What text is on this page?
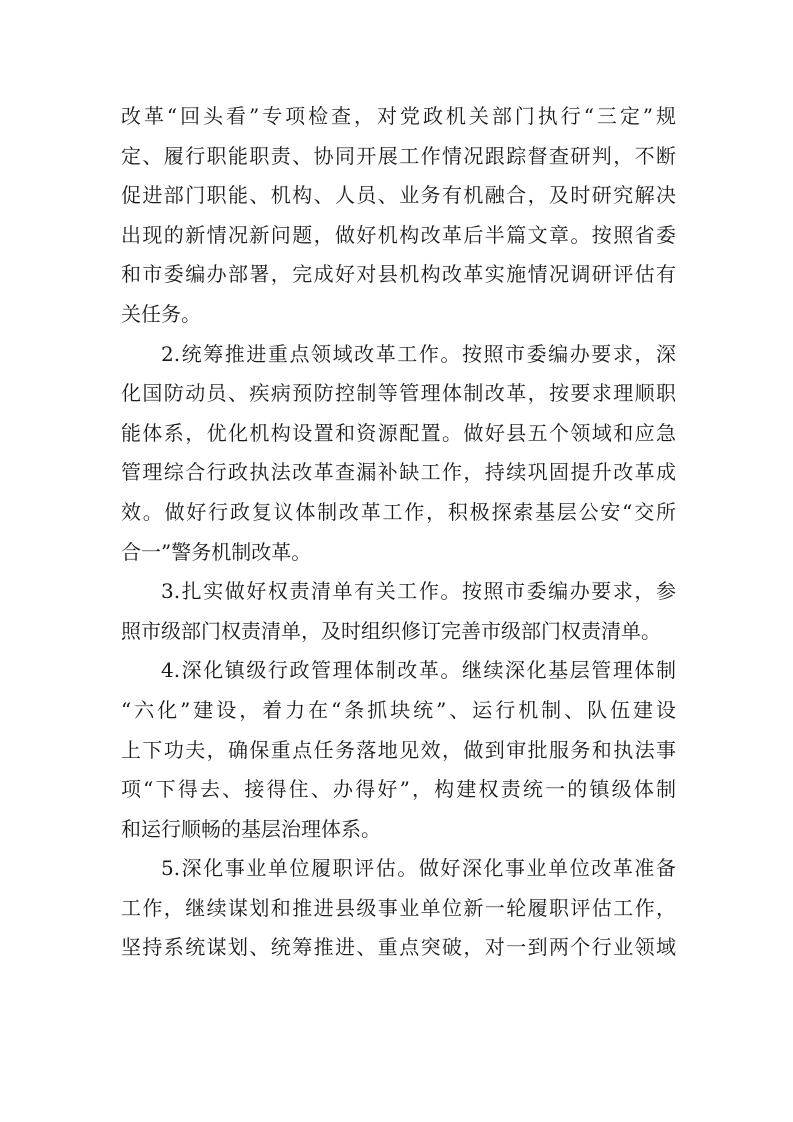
改革“回头看”专项检查，对党政机关部门执行“三定”规
定、履行职能职责、协同开展工作情况跟踪督查研判，不断
促进部门职能、机构、人员、业务有机融合，及时研究解决
出现的新情况新问题，做好机构改革后半篇文章。按照省委
和市委编办部署，完成好对县机构改革实施情况调研评估有
关任务。
2.统筹推进重点领域改革工作。按照市委编办要求，深
化国防动员、疾病预防控制等管理体制改革，按要求理顺职
能体系，优化机构设置和资源配置。做好县五个领域和应急
管理综合行政执法改革查漏补缺工作，持续巩固提升改革成
效。做好行政复议体制改革工作，积极探索基层公安“交所
合一”警务机制改革。
3.扎实做好权责清单有关工作。按照市委编办要求，参
照市级部门权责清单，及时组织修订完善市级部门权责清单。
4.深化镇级行政管理体制改革。继续深化基层管理体制
“六化”建设，着力在“条抓块统”、运行机制、队伍建设
上下功夫，确保重点任务落地见效，做到审批服务和执法事
项“下得去、接得住、办得好”，构建权责统一的镇级体制
和运行顺畅的基层治理体系。
5.深化事业单位履职评估。做好深化事业单位改革准备
工作，继续谋划和推进县级事业单位新一轮履职评估工作，
坚持系统谋划、统筹推进、重点突破，对一到两个行业领域
